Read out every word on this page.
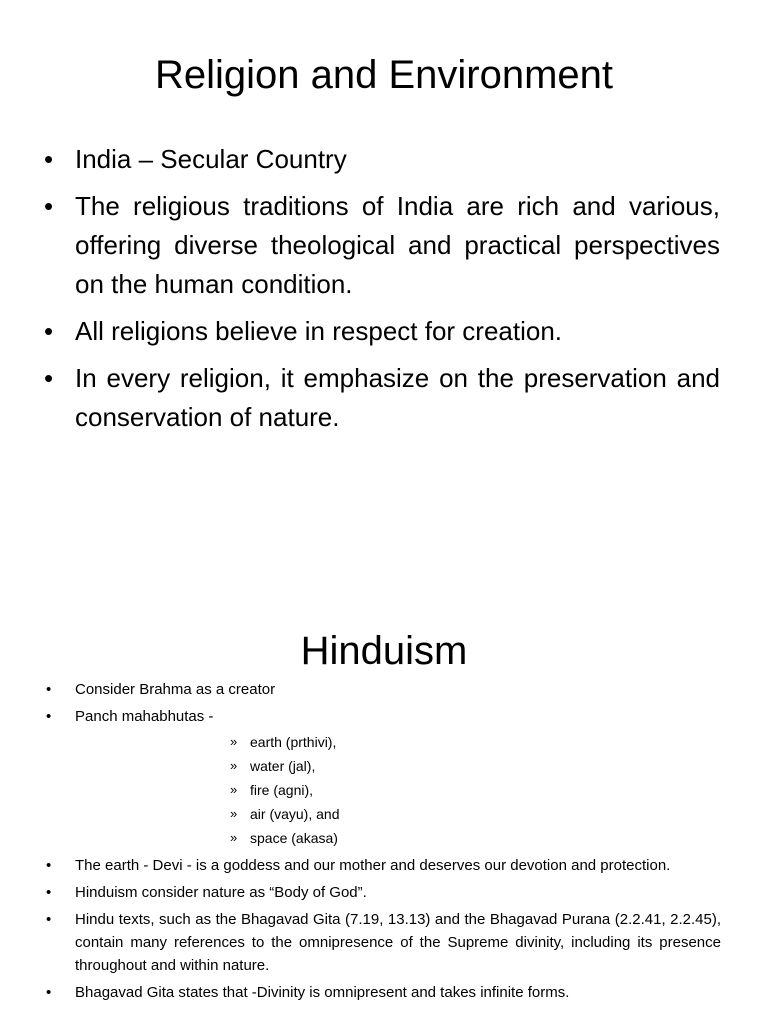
Religion and Environment
• India – Secular Country
• The religious traditions of India are rich and various, offering diverse theological and practical perspectives on the human condition.
• All religions believe in respect for creation.
• In every religion, it emphasize on the preservation and conservation of nature.
Hinduism
• Consider Brahma as a creator
• Panch mahabhutas -
» earth (prthivi),
» water (jal),
» fire (agni),
» air (vayu), and
» space (akasa)
• The earth - Devi - is a goddess and our mother and deserves our devotion and protection.
• Hinduism consider nature as “Body of God”.
• Hindu texts, such as the Bhagavad Gita (7.19, 13.13) and the Bhagavad Purana (2.2.41, 2.2.45), contain many references to the omnipresence of the Supreme divinity, including its presence throughout and within nature.
• Bhagavad Gita states that -Divinity is omnipresent and takes infinite forms.
